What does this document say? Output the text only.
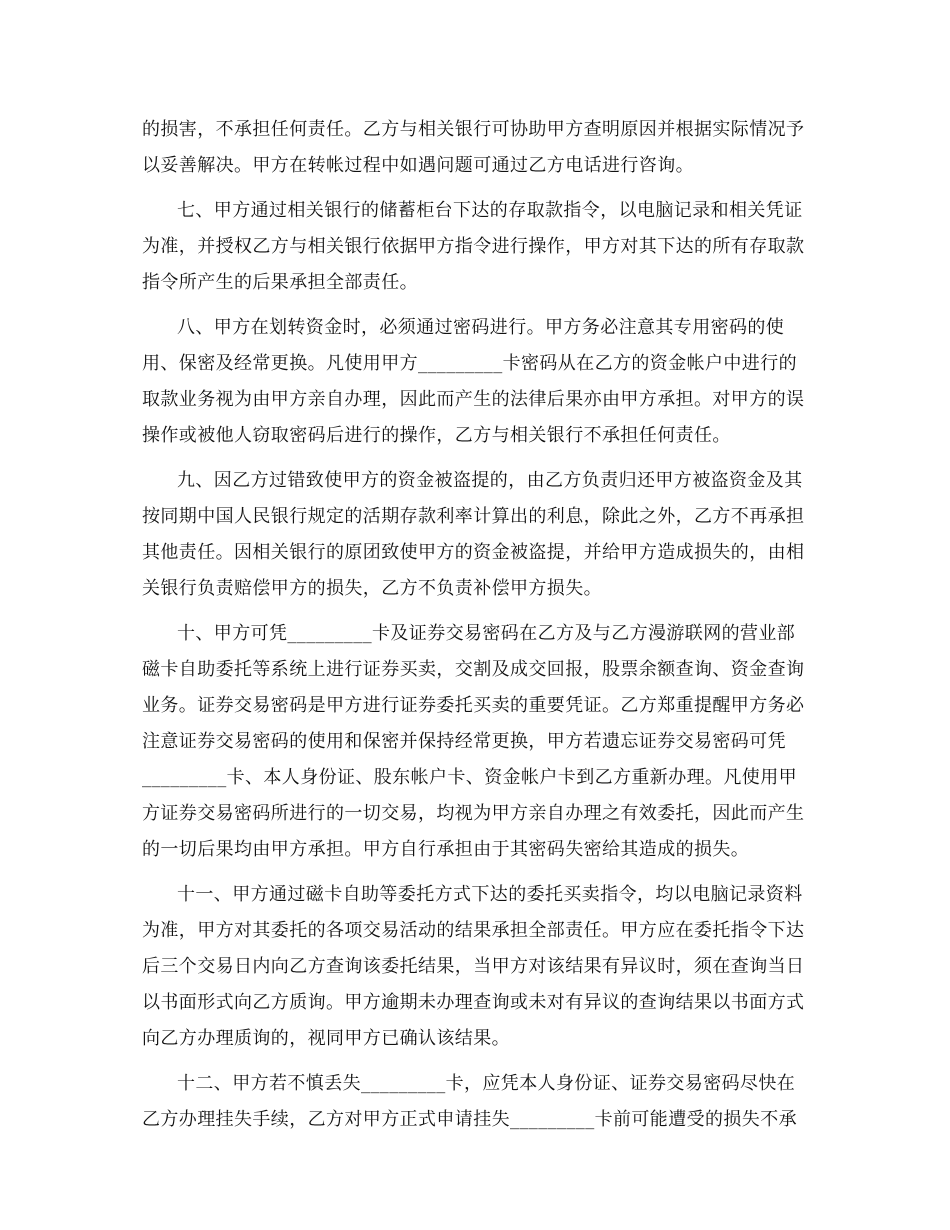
的损害，不承担任何责任。乙方与相关银行可协助甲方查明原因并根据实际情况予
以妥善解决。甲方在转帐过程中如遇问题可通过乙方电话进行咨询。
七、甲方通过相关银行的储蓄柜台下达的存取款指令，以电脑记录和相关凭证
为准，并授权乙方与相关银行依据甲方指令进行操作，甲方对其下达的所有存取款
指令所产生的后果承担全部责任。
八、甲方在划转资金时，必须通过密码进行。甲方务必注意其专用密码的使
用、保密及经常更换。凡使用甲方_________卡密码从在乙方的资金帐户中进行的
取款业务视为由甲方亲自办理，因此而产生的法律后果亦由甲方承担。对甲方的误
操作或被他人窃取密码后进行的操作，乙方与相关银行不承担任何责任。
九、因乙方过错致使甲方的资金被盗提的，由乙方负责归还甲方被盗资金及其
按同期中国人民银行规定的活期存款利率计算出的利息，除此之外，乙方不再承担
其他责任。因相关银行的原团致使甲方的资金被盗提，并给甲方造成损失的，由相
关银行负责赔偿甲方的损失，乙方不负责补偿甲方损失。
十、甲方可凭_________卡及证券交易密码在乙方及与乙方漫游联网的营业部
磁卡自助委托等系统上进行证券买卖，交割及成交回报，股票余额查询、资金查询
业务。证券交易密码是甲方进行证券委托买卖的重要凭证。乙方郑重提醒甲方务必
注意证券交易密码的使用和保密并保持经常更换，甲方若遗忘证券交易密码可凭
_________卡、本人身份证、股东帐户卡、资金帐户卡到乙方重新办理。凡使用甲
方证券交易密码所进行的一切交易，均视为甲方亲自办理之有效委托，因此而产生
的一切后果均由甲方承担。甲方自行承担由于其密码失密给其造成的损失。
十一、甲方通过磁卡自助等委托方式下达的委托买卖指令，均以电脑记录资料
为准，甲方对其委托的各项交易活动的结果承担全部责任。甲方应在委托指令下达
后三个交易日内向乙方查询该委托结果，当甲方对该结果有异议时，须在查询当日
以书面形式向乙方质询。甲方逾期未办理查询或未对有异议的查询结果以书面方式
向乙方办理质询的，视同甲方已确认该结果。
十二、甲方若不慎丢失_________卡，应凭本人身份证、证券交易密码尽快在
乙方办理挂失手续，乙方对甲方正式申请挂失_________卡前可能遭受的损失不承
